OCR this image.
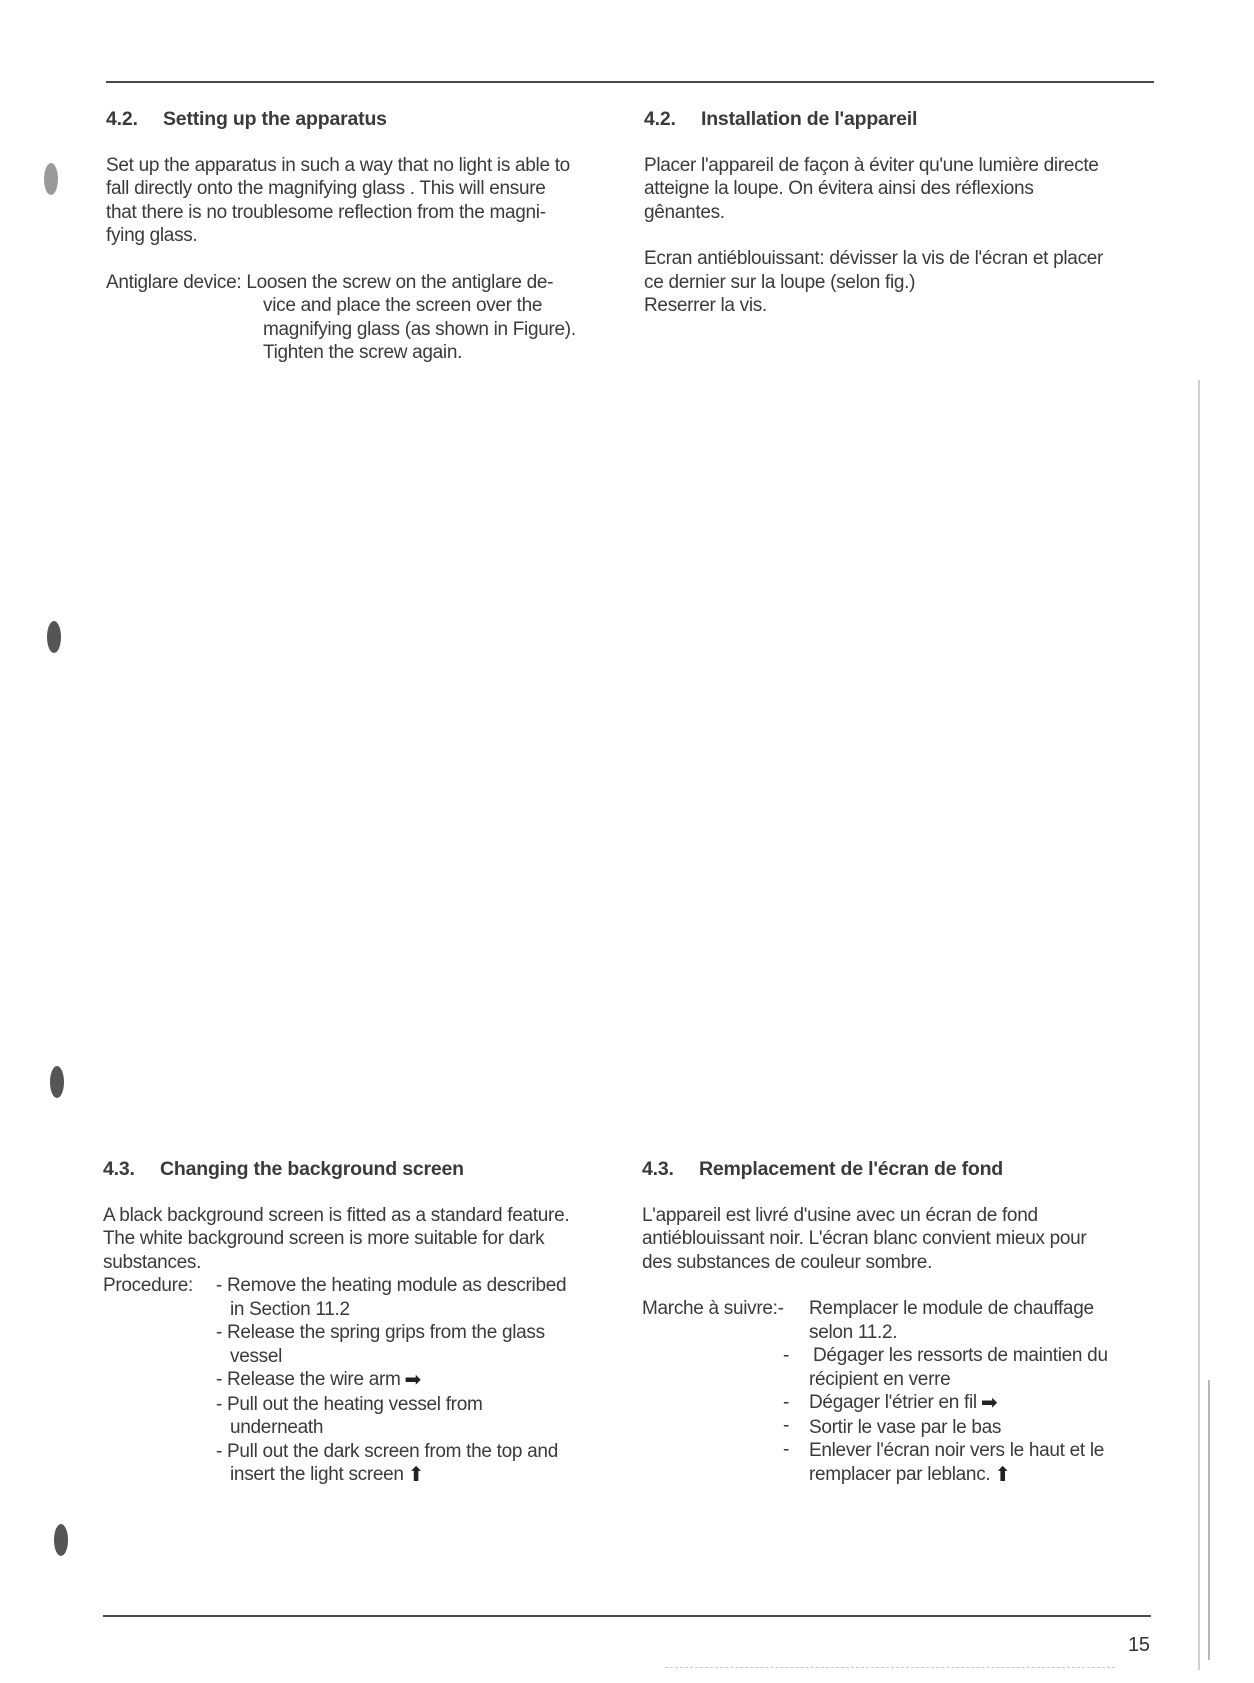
4.2. Setting up the apparatus

Set up the apparatus in such a way that no light is able to

fall directly onto the magnifying glass . This will ensure

that there is no troublesome reflection from the magni-

fying glass.

Antiglare device: Loosen the screw on the antiglare de-

vice and place the screen over the

magnifying glass (as shown in Figure).

Tighten the screw again.

4.2. Installation de l'appareil

Placer l'appareil de façon à éviter qu'une lumière directe

atteigne la loupe. On évitera ainsi des réflexions

gênantes.

Ecran antiéblouissant: dévisser la vis de l'écran et placer

ce dernier sur la loupe (selon fig.)

Reserrer la vis.

4.3. Changing the background screen

A black background screen is fitted as a standard feature.

The white background screen is more suitable for dark

substances.

Procedure:	- Remove the heating module as described

in Section 11.2

- Release the spring grips from the glass

vessel

- Release the wire arm ➡

- Pull out the heating vessel from

underneath

- Pull out the dark screen from the top and

insert the light screen ⬆

4.3. Remplacement de l'écran de fond

L'appareil est livré d'usine avec un écran de fond

antiéblouissant noir. L'écran blanc convient mieux pour

des substances de couleur sombre.

Marche à suivre:-
-
-
-
-

Remplacer le module de chauffage

selon 11.2.

Dégager les ressorts de maintien du

récipient en verre

Dégager l'étrier en fil ➡

Sortir le vase par le bas

Enlever l'écran noir vers le haut et le

remplacer par leblanc. ⬆

15
